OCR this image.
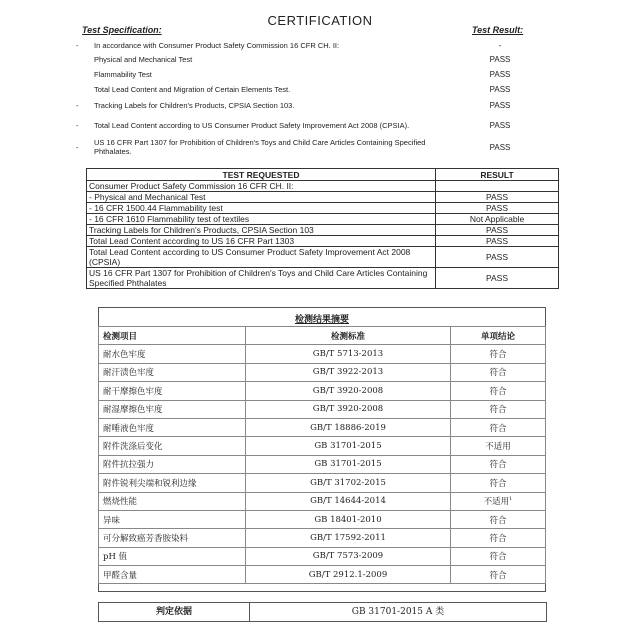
CERTIFICATION
Test Specification:	Test Result:
-	In accordance with Consumer Product Safety Commission 16 CFR CH. II:	-
Physical and Mechanical Test	PASS
Flammability Test	PASS
Total Lead Content and Migration of Certain Elements Test.	PASS
-	Tracking Labels for Children's Products, CPSIA Section 103.	PASS
-	Total Lead Content according to US Consumer Product Safety Improvement Act 2008 (CPSIA).	PASS
-	US 16 CFR Part 1307 for Prohibition of Children's Toys and Child Care Articles Containing Specified Phthalates.	PASS
TEST REQUESTED	RESULT
Consumer Product Safety Commission 16 CFR CH. II:	
- Physical and Mechanical Test	PASS
- 16 CFR 1500.44 Flammability test	PASS
- 16 CFR 1610 Flammability test of textiles	Not Applicable
Tracking Labels for Children's Products, CPSIA Section 103	PASS
Total Lead Content according to US 16 CFR Part 1303	PASS
Total Lead Content according to US Consumer Product Safety Improvement Act 2008 (CPSIA)	PASS
US 16 CFR Part 1307 for Prohibition of Children's Toys and Child Care Articles Containing Specified Phthalates	PASS
检测结果摘要
检测项目	检测标准	单项结论
耐水色牢度	GB/T 5713-2013	符合
耐汗渍色牢度	GB/T 3922-2013	符合
耐干摩擦色牢度	GB/T 3920-2008	符合
耐湿摩擦色牢度	GB/T 3920-2008	符合
耐唾液色牢度	GB/T 18886-2019	符合
附件洗涤后变化	GB 31701-2015	不适用
附件抗拉强力	GB 31701-2015	符合
附件锐利尖端和锐利边缘	GB/T 31702-2015	符合
燃烧性能	GB/T 14644-2014	不适用$^1$
异味	GB 18401-2010	符合
可分解致癌芳香胺染料	GB/T 17592-2011	符合
pH 值	GB/T 7573-2009	符合
甲醛含量	GB/T 2912.1-2009	符合
判定依据	GB 31701-2015 A 类
